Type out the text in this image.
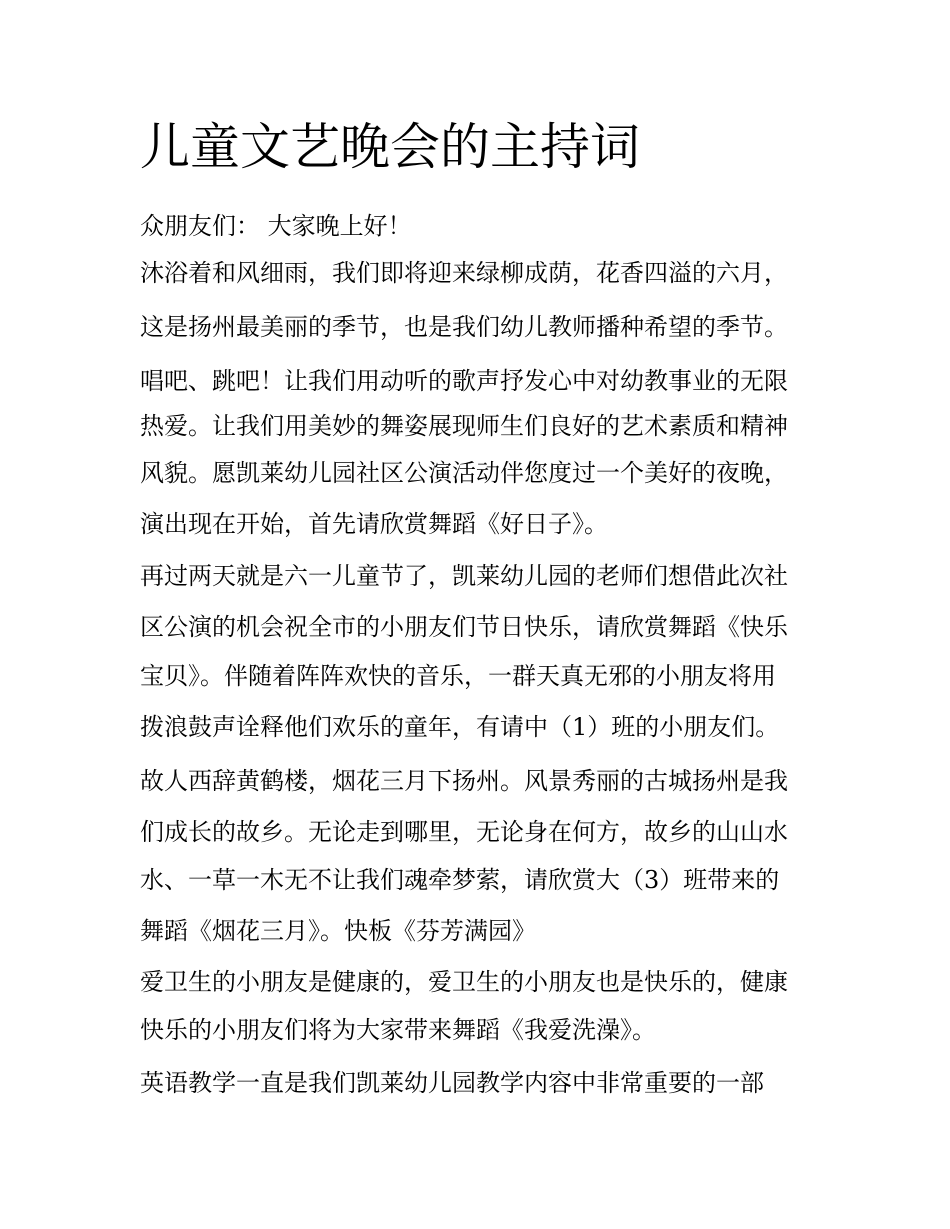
儿童文艺晚会的主持词

众朋友们： 大家晚上好！

沐浴着和风细雨，我们即将迎来绿柳成荫，花香四溢的六月，

这是扬州最美丽的季节，也是我们幼儿教师播种希望的季节。

唱吧、跳吧！让我们用动听的歌声抒发心中对幼教事业的无限

热爱。让我们用美妙的舞姿展现师生们良好的艺术素质和精神

风貌。愿凯莱幼儿园社区公演活动伴您度过一个美好的夜晚，

演出现在开始，首先请欣赏舞蹈《好日子》。

再过两天就是六一儿童节了，凯莱幼儿园的老师们想借此次社

区公演的机会祝全市的小朋友们节日快乐，请欣赏舞蹈《快乐

宝贝》。伴随着阵阵欢快的音乐，一群天真无邪的小朋友将用

拨浪鼓声诠释他们欢乐的童年，有请中（1）班的小朋友们。

故人西辞黄鹤楼，烟花三月下扬州。风景秀丽的古城扬州是我

们成长的故乡。无论走到哪里，无论身在何方，故乡的山山水

水、一草一木无不让我们魂牵梦萦，请欣赏大（3）班带来的

舞蹈《烟花三月》。快板《芬芳满园》

爱卫生的小朋友是健康的，爱卫生的小朋友也是快乐的，健康

快乐的小朋友们将为大家带来舞蹈《我爱洗澡》。

英语教学一直是我们凯莱幼儿园教学内容中非常重要的一部
